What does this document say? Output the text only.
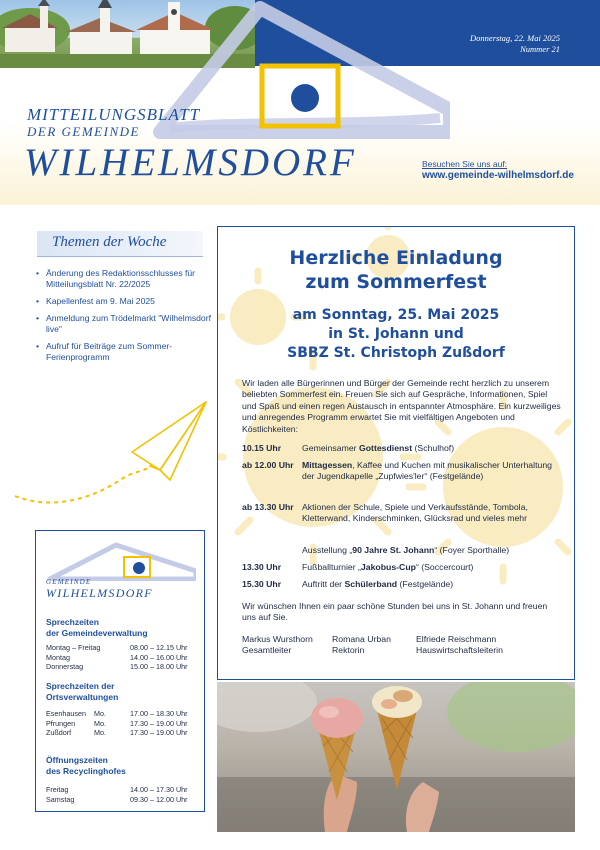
Donnerstag, 22. Mai 2025
Nummer 21
MITTEILUNGSBLATT
DER GEMEINDE
WILHELMSDORF	Besuchen Sie uns auf:
www.gemeinde-wilhelmsdorf.de
Themen der Woche
• Änderung des Redaktionsschlusses für Mitteilungsblatt Nr. 22/2025
• Kapellenfest am 9. Mai 2025
• Anmeldung zum Trödelmarkt "Wilhelmsdorf live"
• Aufruf für Beiträge zum Sommer-Ferienprogramm
GEMEINDE
WILHELMSDORF
Sprechzeiten
der Gemeindeverwaltung
Montag – Freitag	08.00 – 12.15 Uhr
Montag	14.00 – 16.00 Uhr
Donnerstag	15.00 – 18.00 Uhr
Sprechzeiten der
Ortsverwaltungen
Esenhausen	Mo.	17.00 – 18.30 Uhr
Pfrungen	Mo.	17.30 – 19.00 Uhr
Zußdorf	Mo.	17.30 – 19.00 Uhr
Öffnungszeiten
des Recyclinghofes
Freitag	14.00 – 17.30 Uhr
Samstag	09.30 – 12.00 Uhr
Herzliche Einladung
zum Sommerfest
am Sonntag, 25. Mai 2025
in St. Johann und
SBBZ St. Christoph Zußdorf
Wir laden alle Bürgerinnen und Bürger der Gemeinde recht herzlich zu unserem beliebten Sommerfest ein. Freuen Sie sich auf Gespräche, Informationen, Spiel und Spaß und einen regen Austausch in entspannter Atmosphäre. Ein kurzweiliges und anregendes Programm erwartet Sie mit vielfältigen Angeboten und Köstlichkeiten:
10.15 Uhr Gemeinsamer Gottesdienst (Schulhof)
ab 12.00 Uhr Mittagessen, Kaffee und Kuchen mit musikalischer Unterhaltung der Jugendkapelle „Zupfwies'ler“ (Festgelände)
ab 13.30 Uhr Aktionen der Schule, Spiele und Verkaufsstände, Tombola, Kletterwand, Kinderschminken, Glücksrad und vieles mehr
Ausstellung „90 Jahre St. Johann“ (Foyer Sporthalle)
13.30 Uhr Fußballturnier „Jakobus-Cup“ (Soccercourt)
15.30 Uhr Auftritt der Schülerband (Festgelände)
Wir wünschen Ihnen ein paar schöne Stunden bei uns in St. Johann und freuen uns auf Sie.
Markus Wursthorn
Gesamtleiter
Romana Urban
Rektorin
Elfriede Reischmann
Hauswirtschaftsleiterin
